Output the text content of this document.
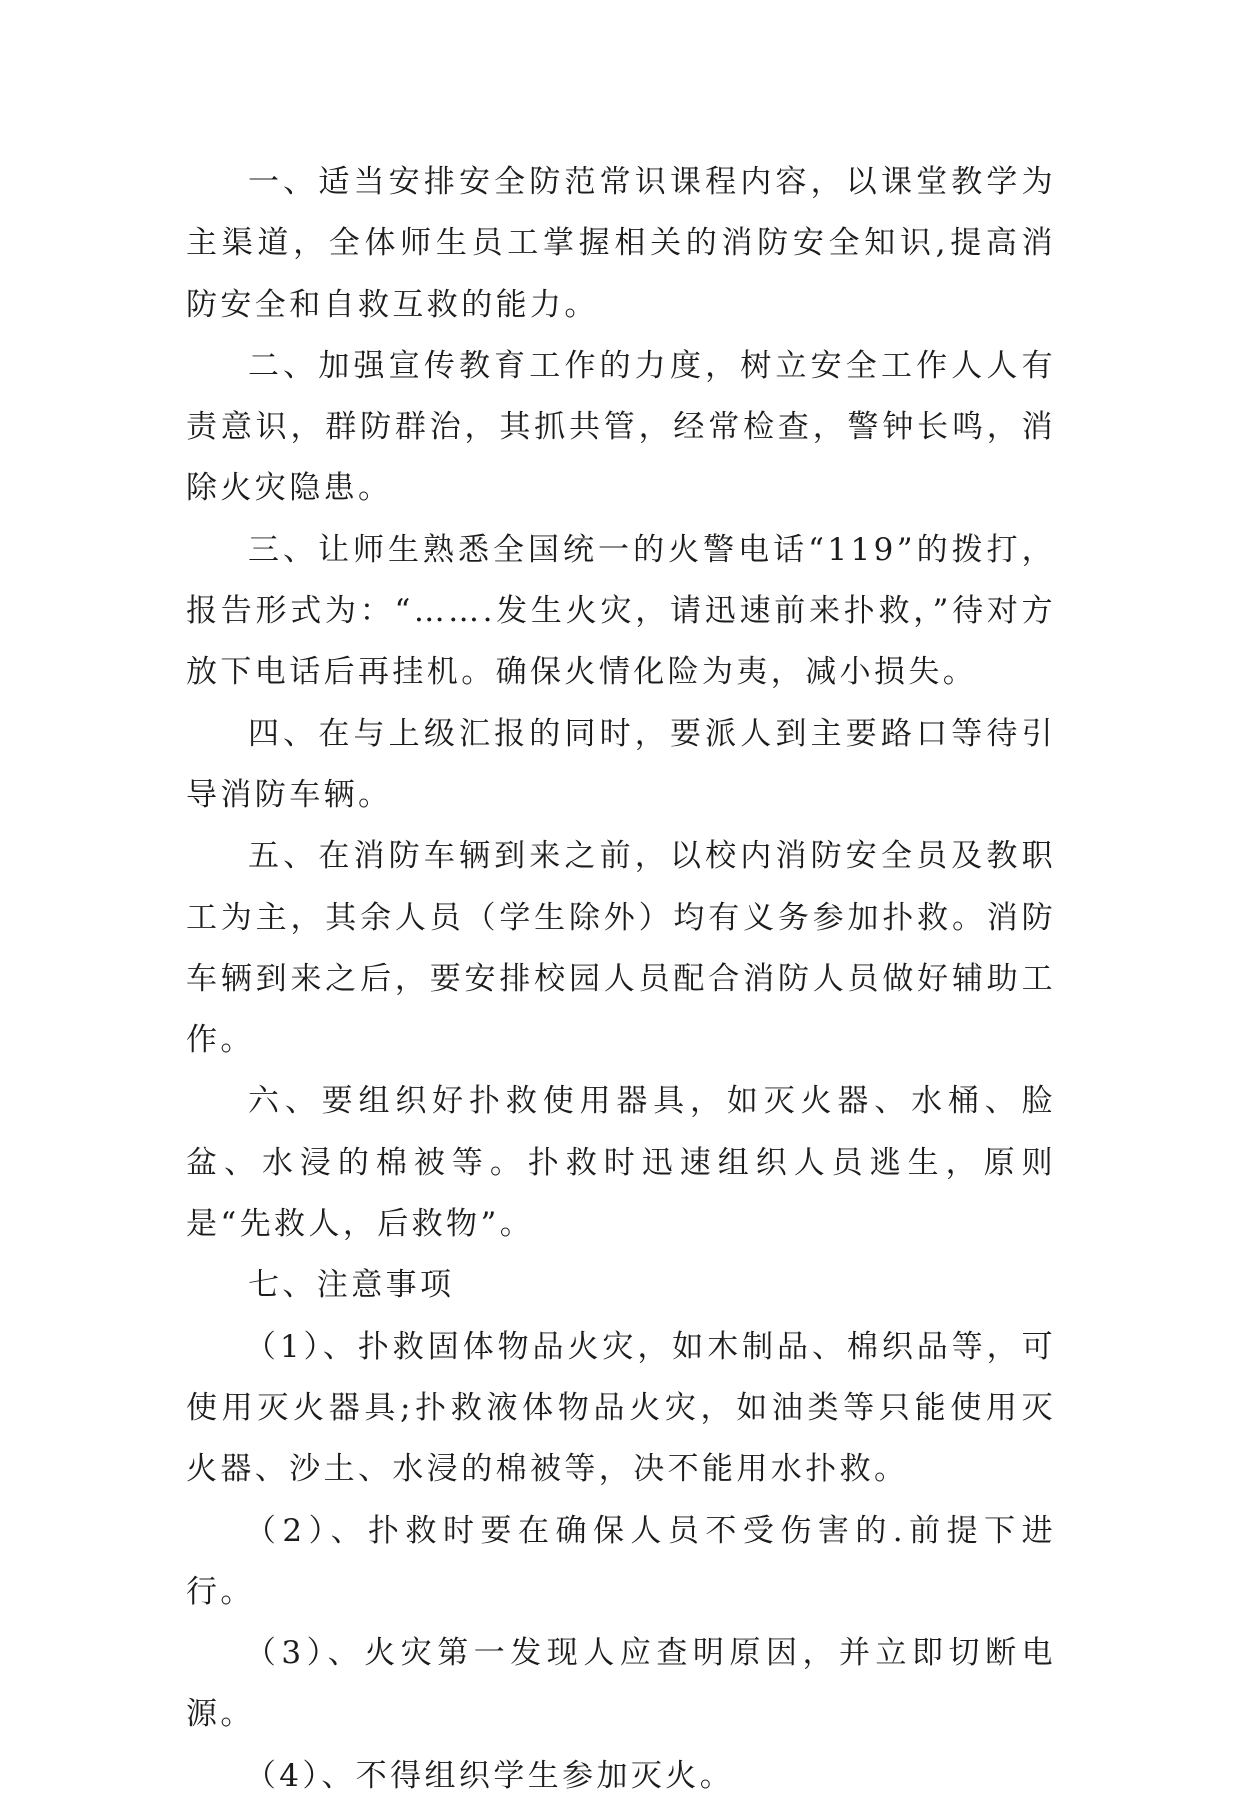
一、适当安排安全防范常识课程内容，以课堂教学为主渠道，全体师生员工掌握相关的消防安全知识,提高消防安全和自救互救的能力。

二、加强宣传教育工作的力度，树立安全工作人人有责意识，群防群治，其抓共管，经常检查，警钟长鸣，消除火灾隐患。

三、让师生熟悉全国统一的火警电话“119”的拨打，报告形式为：“…….发生火灾，请迅速前来扑救，”待对方放下电话后再挂机。确保火情化险为夷，减小损失。

四、在与上级汇报的同时，要派人到主要路口等待引导消防车辆。

五、在消防车辆到来之前，以校内消防安全员及教职工为主，其余人员（学生除外）均有义务参加扑救。消防车辆到来之后，要安排校园人员配合消防人员做好辅助工作。

六、要组织好扑救使用器具，如灭火器、水桶、脸盆、水浸的棉被等。扑救时迅速组织人员逃生，原则是“先救人，后救物”。

七、注意事项

（1）、扑救固体物品火灾，如木制品、棉织品等，可使用灭火器具;扑救液体物品火灾，如油类等只能使用灭火器、沙土、水浸的棉被等，决不能用水扑救。

（2）、扑救时要在确保人员不受伤害的.前提下进行。

（3）、火灾第一发现人应查明原因，并立即切断电源。

（4）、不得组织学生参加灭火。
